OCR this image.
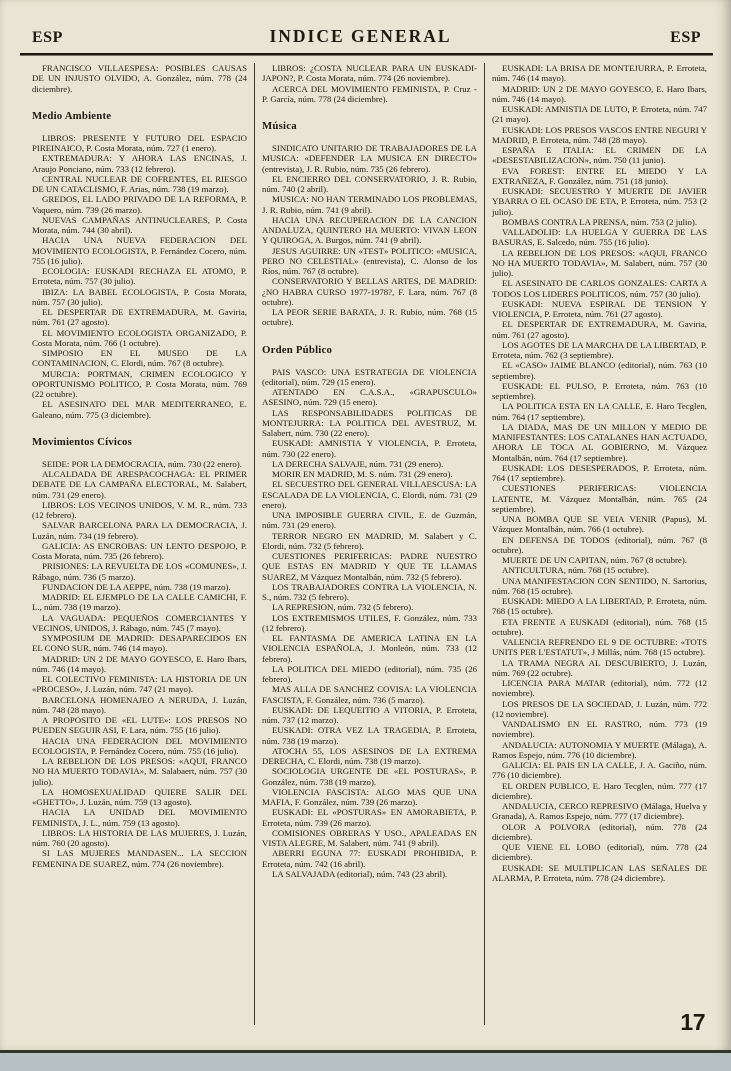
ESP	INDICE GENERAL	ESP

FRANCISCO VILLAESPESA: POSIBLES CAUSAS DE UN INJUSTO OLVIDO, A. González, núm. 778 (24 diciembre).

Medio Ambiente

LIBROS: PRESENTE Y FUTURO DEL ESPACIO PIREINAICO, P. Costa Morata, núm. 727 (1 enero).

EXTREMADURA: Y AHORA LAS ENCINAS, J. Araujo Ponciano, núm. 733 (12 febrero).

CENTRAL NUCLEAR DE COFRENTES, EL RIESGO DE UN CATACLISMO, F. Arias, núm. 738 (19 marzo).

GREDOS, EL LADO PRIVADO DE LA REFORMA, P. Vaquero, núm. 739 (26 marzo).

NUEVAS CAMPAÑAS ANTINUCLEARES, P. Costa Morata, núm. 744 (30 abril).

HACIA UNA NUEVA FEDERACION DEL MOVIMIENTO ECOLOGISTA, P. Fernández Cocero, núm. 755 (16 julio).

ECOLOGIA: EUSKADI RECHAZA EL ATOMO, P. Erroteta, núm. 757 (30 julio).

IBIZA: LA BABEL ECOLOGISTA, P. Costa Morata, núm. 757 (30 julio).

EL DESPERTAR DE EXTREMADURA, M. Gaviria, núm. 761 (27 agosto).

EL MOVIMIENTO ECOLOGISTA ORGANIZADO, P. Costa Morata, núm. 766 (1 octubre).

SIMPOSIO EN EL MUSEO DE LA CONTAMINACION, C. Elordi, núm. 767 (8 octubre).

MURCIA: PORTMAN, CRIMEN ECOLOGICO Y OPORTUNISMO POLITICO, P. Costa Morata, núm. 769 (22 octubre).

EL ASESINATO DEL MAR MEDITERRANEO, E. Galeano, núm. 775 (3 diciembre).

Movimientos Cívicos

SEIDE: POR LA DEMOCRACIA, núm. 730 (22 enero).

ALCALDADA DE ARESPACOCHAGA: EL PRIMER DEBATE DE LA CAMPAÑA ELECTORAL, M. Salabert, núm. 731 (29 enero).

LIBROS: LOS VECINOS UNIDOS, V. M. R., núm. 733 (12 febrero).

SALVAR BARCELONA PARA LA DEMOCRACIA, J. Luzán, núm. 734 (19 febrero).

GALICIA: AS ENCROBAS: UN LENTO DESPOJO, P. Costa Morata, núm. 735 (26 febrero).

PRISIONES: LA REVUELTA DE LOS «COMUNES», J. Rábago, núm. 736 (5 marzo).

FUNDACION DE LA AEPPE, núm. 738 (19 marzo).

MADRID: EL EJEMPLO DE LA CALLE CAMICHI, F. L., núm. 738 (19 marzo).

LA VAGUADA: PEQUEÑOS COMERCIANTES Y VECINOS, UNIDOS, J. Rábago, núm. 745 (7 mayo).

SYMPOSIUM DE MADRID: DESAPARECIDOS EN EL CONO SUR, núm. 746 (14 mayo).

MADRID: UN 2 DE MAYO GOYESCO, E. Haro Ibars, núm. 746 (14 mayo).

EL COLECTIVO FEMINISTA: LA HISTORIA DE UN «PROCESO», J. Luzán, núm. 747 (21 mayo).

BARCELONA HOMENAJEO A NERUDA, J. Luzán, núm. 748 (28 mayo).

A PROPOSITO DE «EL LUTE»: LOS PRESOS NO PUEDEN SEGUIR ASI, F. Lara, núm. 755 (16 julio).

HACIA UNA FEDERACION DEL MOVIMIENTO ECOLOGISTA, P. Fernández Cocero, núm. 755 (16 julio).

LA REBELION DE LOS PRESOS: «AQUI, FRANCO NO HA MUERTO TODAVIA», M. Salabaert, núm. 757 (30 julio).

LA HOMOSEXUALIDAD QUIERE SALIR DEL «GHETTO», J. Luzán, núm. 759 (13 agosto).

HACIA LA UNIDAD DEL MOVIMIENTO FEMINISTA, J. L., núm. 759 (13 agosto).

LIBROS: LA HISTORIA DE LAS MUJERES, J. Luzán, núm. 760 (20 agosto).

SI LAS MUJERES MANDASEN... LA SECCION FEMENINA DE SUAREZ, núm. 774 (26 noviembre).

LIBROS: ¿COSTA NUCLEAR PARA UN EUSKADI-JAPON?, P. Costa Morata, núm. 774 (26 noviembre).

ACERCA DEL MOVIMIENTO FEMINISTA, P. Cruz - P. García, núm. 778 (24 diciembre).

Música

SINDICATO UNITARIO DE TRABAJADORES DE LA MUSICA: «DEFENDER LA MUSICA EN DIRECTO» (entrevista), J. R. Rubio, núm. 735 (26 febrero).

EL ENCIERRO DEL CONSERVATORIO, J. R. Rubio, núm. 740 (2 abril).

MUSICA: NO HAN TERMINADO LOS PROBLEMAS, J. R. Rubio, núm. 741 (9 abril).

HACIA UNA RECUPERACION DE LA CANCION ANDALUZA, QUINTERO HA MUERTO: VIVAN LEON Y QUIROGA, A. Burgos, núm. 741 (9 abril).

JESUS AGUIRRE: UN «TEST» POLITICO: «MUSICA, PERO NO CELESTIAL» (entrevista), C. Alonso de los Ríos, núm. 767 (8 octubre).

CONSERVATORIO Y BELLAS ARTES, DE MADRID: ¿NO HABRA CURSO 1977-1978?, F. Lara, núm. 767 (8 octubre).

LA PEOR SERIE BARATA, J. R. Rubio, núm. 768 (15 octubre).

Orden Público

PAIS VASCO: UNA ESTRATEGIA DE VIOLENCIA (editorial), núm. 729 (15 enero).

ATENTADO EN C.A.S.A., «GRAPUSCULO» ASESINO, núm. 729 (15 enero).

LAS RESPONSABILIDADES POLITICAS DE MONTEJURRA: LA POLITICA DEL AVESTRUZ, M. Salabert, núm. 730 (22 enero).

EUSKADI: AMNISTIA Y VIOLENCIA, P. Erroteta, núm. 730 (22 enero).

LA DERECHA SALVAJE, núm. 731 (29 enero).

MORIR EN MADRID, M. S. núm. 731 (29 enero).

EL SECUESTRO DEL GENERAL VILLAESCUSA: LA ESCALADA DE LA VIOLENCIA, C. Elordi, núm. 731 (29 enero).

UNA IMPOSIBLE GUERRA CIVIL, E. de Guzmán, núm. 731 (29 enero).

TERROR NEGRO EN MADRID, M. Salabert y C. Elordi, núm. 732 (5 febrero).

CUESTIONES PERIFERICAS: PADRE NUESTRO QUE ESTAS EN MADRID Y QUE TE LLAMAS SUAREZ, M Vázquez Montalbán, núm. 732 (5 febrero).

LOS TRABAJADORES CONTRA LA VIOLENCIA, N. S., núm. 732 (5 febrero).

LA REPRESION, núm. 732 (5 febrero).

LOS EXTREMISMOS UTILES, F. González, núm. 733 (12 febrero).

EL FANTASMA DE AMERICA LATINA EN LA VIOLENCIA ESPAÑOLA, J. Monleón, núm. 733 (12 febrero).

LA POLITICA DEL MIEDO (editorial), núm. 735 (26 febrero).

MAS ALLA DE SANCHEZ COVISA: LA VIOLENCIA FASCISTA, F. González, núm. 736 (5 marzo).

EUSKADI: DE LEQUEITIO A VITORIA, P. Erroteta, núm. 737 (12 marzo).

EUSKADI: OTRA VEZ LA TRAGEDIA, P. Erroteta, núm. 738 (19 marzo).

ATOCHA 55, LOS ASESINOS DE LA EXTREMA DERECHA, C. Elordi, núm. 738 (19 marzo).

SOCIOLOGIA URGENTE DE «EL POSTURAS», P. González, núm. 738 (19 marzo).

VIOLENCIA FASCISTA: ALGO MAS QUE UNA MAFIA, F. González, núm. 739 (26 marzo).

EUSKADI: EL «POSTURAS» EN AMORABIETA, P. Erroteta, núm. 739 (26 marzo).

COMISIONES OBRERAS Y USO., APALEADAS EN VISTA ALEGRE, M. Salabert, núm. 741 (9 abril).

ABERRI EGUNA 77: EUSKADI PROHIBIDA, P. Erroteta, núm. 742 (16 abril).

LA SALVAJADA (editorial), núm. 743 (23 abril).

EUSKADI: LA BRISA DE MONTEJURRA, P. Erroteta, núm. 746 (14 mayo).

MADRID: UN 2 DE MAYO GOYESCO, E. Haro Ibars, núm. 746 (14 mayo).

EUSKADI: AMNISTIA DE LUTO, P. Erroteta, núm. 747 (21 mayo).

EUSKADI: LOS PRESOS VASCOS ENTRE NEGURI Y MADRID, P. Erroteta, núm. 748 (28 mayo).

ESPAÑA E ITALIA: EL CRIMEN DE LA «DESESTABILIZACION», núm. 750 (11 junio).

EVA FOREST: ENTRE EL MIEDO Y LA EXTRAÑEZA, F. González, núm. 751 (18 junio).

EUSKADI: SECUESTRO Y MUERTE DE JAVIER YBARRA O EL OCASO DE ETA, P. Erroteta, núm. 753 (2 julio).

BOMBAS CONTRA LA PRENSA, núm. 753 (2 julio).

VALLADOLID: LA HUELGA Y GUERRA DE LAS BASURAS, E. Salcedo, núm. 755 (16 julio).

LA REBELION DE LOS PRESOS: «AQUI, FRANCO NO HA MUERTO TODAVIA», M. Salabert, núm. 757 (30 julio).

EL ASESINATO DE CARLOS GONZALES: CARTA A TODOS LOS LIDERES POLITICOS, núm. 757 (30 julio).

EUSKADI: NUEVA ESPIRAL DE TENSION Y VIOLENCIA, P. Erroteta, núm. 761 (27 agosto).

EL DESPERTAR DE EXTREMADURA, M. Gaviria, núm. 761 (27 agosto).

LOS AGOTES DE LA MARCHA DE LA LIBERTAD, P. Erroteta, núm. 762 (3 septiembre).

EL «CASO» JAIME BLANCO (editorial), núm. 763 (10 septiembre).

EUSKADI: EL PULSO, P. Erroteta, núm. 763 (10 septiembre).

LA POLITICA ESTA EN LA CALLE, E. Haro Tecglen, núm. 764 (17 septiembre).

LA DIADA, MAS DE UN MILLON Y MEDIO DE MANIFESTANTES: LOS CATALANES HAN ACTUADO, AHORA LE TOCA AL GOBIERNO, M. Vázquez Montalbán, núm. 764 (17 septiembre).

EUSKADI: LOS DESESPERADOS, P. Erroteta, núm. 764 (17 septiembre).

CUESTIONES PERIFERICAS: VIOLENCIA LATENTE, M. Vázquez Montalbán, núm. 765 (24 septiembre).

UNA BOMBA QUE SE VEIA VENIR (Papus), M. Vázquez Montalbán, núm. 766 (1 octubre).

EN DEFENSA DE TODOS (editorial), núm. 767 (8 octubre).

MUERTE DE UN CAPITAN, núm. 767 (8 octubre).

ANTICULTURA, núm. 768 (15 octubre).

UNA MANIFESTACION CON SENTIDO, N. Sartorius, núm. 768 (15 octubre).

EUSKADI: MIEDO A LA LIBERTAD, P. Erroteta, núm. 768 (15 octubre).

ETA FRENTE A EUSKADI (editorial), núm. 768 (15 octubre).

VALENCIA REFRENDO EL 9 DE OCTUBRE: «TOTS UNITS PER L'ESTATUT», J Millás, núm. 768 (15 octubre).

LA TRAMA NEGRA AL DESCUBIERTO, J. Luzán, núm. 769 (22 octubre).

LICENCIA PARA MATAR (editorial), núm. 772 (12 noviembre).

LOS PRESOS DE LA SOCIEDAD, J. Luzán, núm. 772 (12 noviembre).

VANDALISMO EN EL RASTRO, núm. 773 (19 noviembre).

ANDALUCIA: AUTONOMIA Y MUERTE (Málaga), A. Ramos Espejo, núm. 776 (10 diciembre).

GALICIA: EL PAIS EN LA CALLE, J. A. Gaciño, núm. 776 (10 diciembre).

EL ORDEN PUBLICO, E. Haro Tecglen, núm. 777 (17 diciembre).

ANDALUCIA, CERCO REPRESIVO (Málaga, Huelva y Granada), A. Ramos Espejo, núm. 777 (17 diciembre).

OLOR A POLVORA (editorial), núm. 778 (24 diciembre).

QUE VIENE EL LOBO (editorial), núm. 778 (24 diciembre).

EUSKADI: SE MULTIPLICAN LAS SEÑALES DE ALARMA, P. Erroteta, núm. 778 (24 diciembre).

17
